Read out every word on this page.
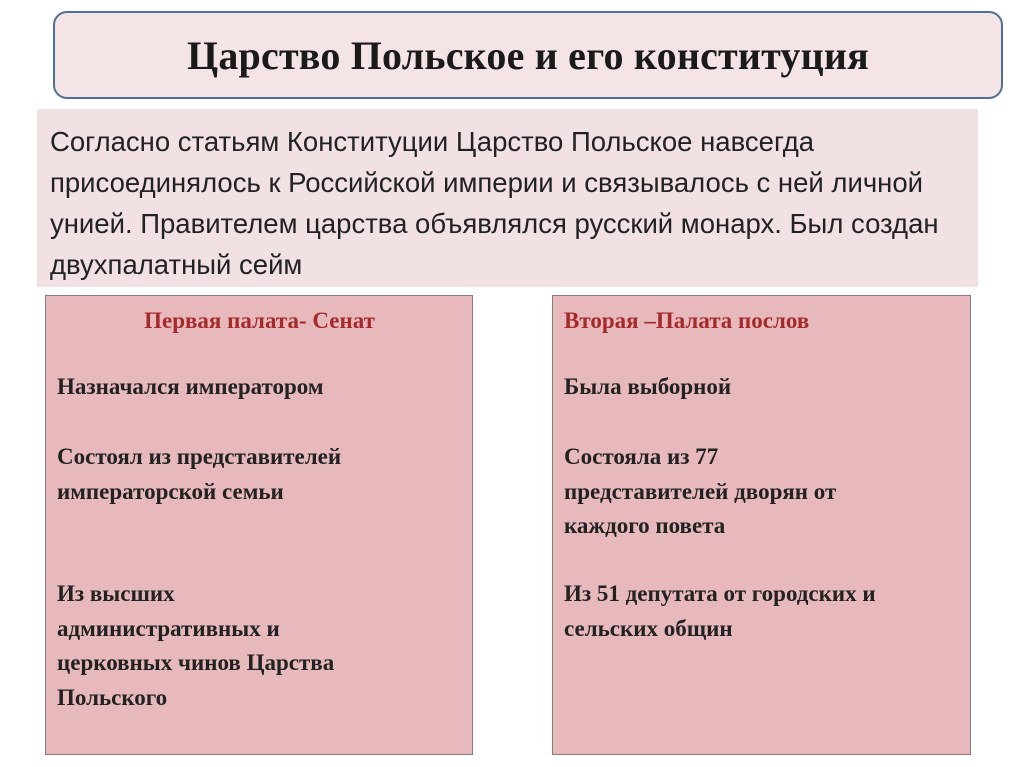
Царство Польское и его конституция

Согласно статьям Конституции Царство Польское навсегда присоединялось к Российской империи и связывалось с ней личной унией. Правителем царства объявлялся русский монарх. Был создан двухпалатный сейм

Первая палата- Сенат
Назначался императором
Состоял из представителей
императорской семьи
Из высших
административных и
церковных чинов Царства
Польского
Вторая –Палата послов
Была выборной
Состояла из 77
представителей дворян от
каждого повета
Из 51 депутата от городских и
сельских общин
